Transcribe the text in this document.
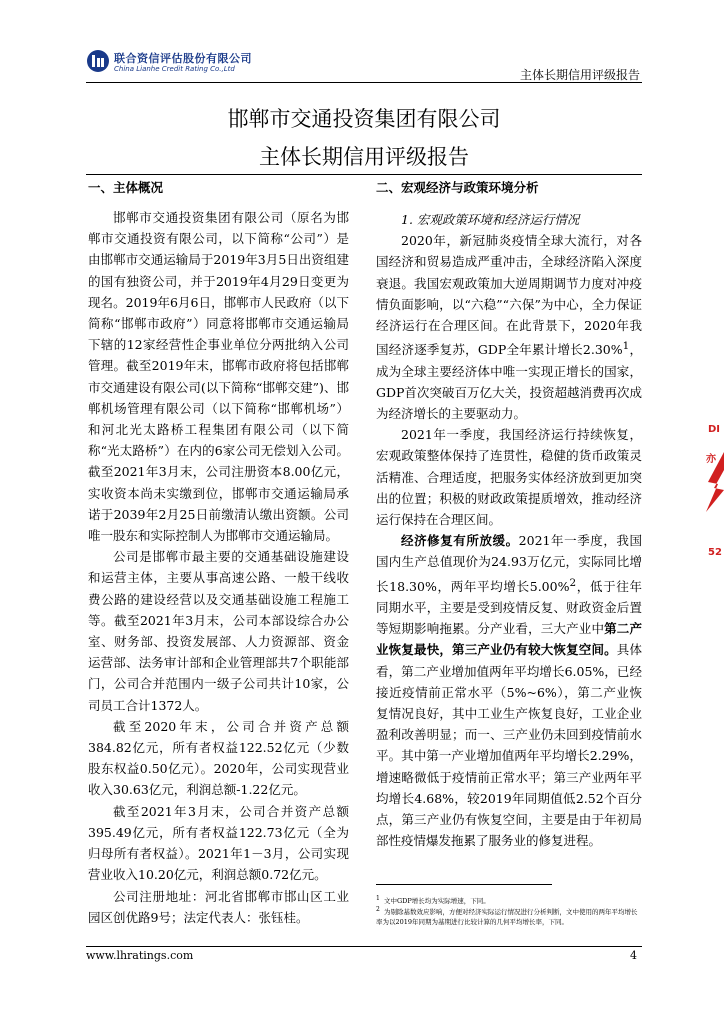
联合资信评估股份有限公司
China Lianhe Credit Rating Co.,Ltd	主体长期信用评级报告
邯郸市交通投资集团有限公司
主体长期信用评级报告
一、主体概况

邯郸市交通投资集团有限公司（原名为邯郸市交通投资有限公司，以下简称“公司”）是由邯郸市交通运输局于2019年3月5日出资组建的国有独资公司，并于2019年4月29日变更为现名。2019年6月6日，邯郸市人民政府（以下简称“邯郸市政府”）同意将邯郸市交通运输局下辖的12家经营性企事业单位分两批纳入公司管理。截至2019年末，邯郸市政府将包括邯郸市交通建设有限公司(以下简称“邯郸交建”)、邯郸机场管理有限公司（以下简称“邯郸机场”）和河北光太路桥工程集团有限公司（以下简称“光太路桥”）在内的6家公司无偿划入公司。截至2021年3月末，公司注册资本8.00亿元，实收资本尚未实缴到位，邯郸市交通运输局承诺于2039年2月25日前缴清认缴出资额。公司唯一股东和实际控制人为邯郸市交通运输局。

公司是邯郸市最主要的交通基础设施建设和运营主体，主要从事高速公路、一般干线收费公路的建设经营以及交通基础设施工程施工等。截至2021年3月末，公司本部设综合办公室、财务部、投资发展部、人力资源部、资金运营部、法务审计部和企业管理部共7个职能部门，公司合并范围内一级子公司共计10家，公司员工合计1372人。

截至2020年末，公司合并资产总额384.82亿元，所有者权益122.52亿元（少数股东权益0.50亿元）。2020年，公司实现营业收入30.63亿元，利润总额-1.22亿元。

截至2021年3月末，公司合并资产总额395.49亿元，所有者权益122.73亿元（全为归母所有者权益）。2021年1－3月，公司实现营业收入10.20亿元，利润总额0.72亿元。

公司注册地址：河北省邯郸市邯山区工业园区创优路9号；法定代表人：张钰桂。

二、宏观经济与政策环境分析

1. 宏观政策环境和经济运行情况

2020年，新冠肺炎疫情全球大流行，对各国经济和贸易造成严重冲击，全球经济陷入深度衰退。我国宏观政策加大逆周期调节力度对冲疫情负面影响，以“六稳”“六保”为中心，全力保证经济运行在合理区间。在此背景下，2020年我国经济逐季复苏，GDP全年累计增长2.30%$^1$，成为全球主要经济体中唯一实现正增长的国家，GDP首次突破百万亿大关，投资超越消费再次成为经济增长的主要驱动力。

2021年一季度，我国经济运行持续恢复，宏观政策整体保持了连贯性，稳健的货币政策灵活精准、合理适度，把服务实体经济放到更加突出的位置；积极的财政政策提质增效，推动经济运行保持在合理区间。

经济修复有所放缓。2021年一季度，我国国内生产总值现价为24.93万亿元，实际同比增长18.30%，两年平均增长5.00%$^2$，低于往年同期水平，主要是受到疫情反复、财政资金后置等短期影响拖累。分产业看，三大产业中第二产业恢复最快，第三产业仍有较大恢复空间。具体看，第二产业增加值两年平均增长6.05%，已经接近疫情前正常水平（5%~6%），第二产业恢复情况良好，其中工业生产恢复良好，工业企业盈利改善明显；而一、三产业仍未回到疫情前水平。其中第一产业增加值两年平均增长2.29%，增速略微低于疫情前正常水平；第三产业两年平均增长4.68%，较2019年同期值低2.52个百分点，第三产业仍有恢复空间，主要是由于年初局部性疫情爆发拖累了服务业的修复进程。

$^1$ 文中GDP增长均为实际增速，下同。
$^2$ 为剔除基数效应影响，方便对经济实际运行情况进行分析判断，文中使用的两年平均增长率为以2019年同期为基期进行比较计算的几何平均增长率，下同。
www.lhratings.com	4
DI
亦
52
